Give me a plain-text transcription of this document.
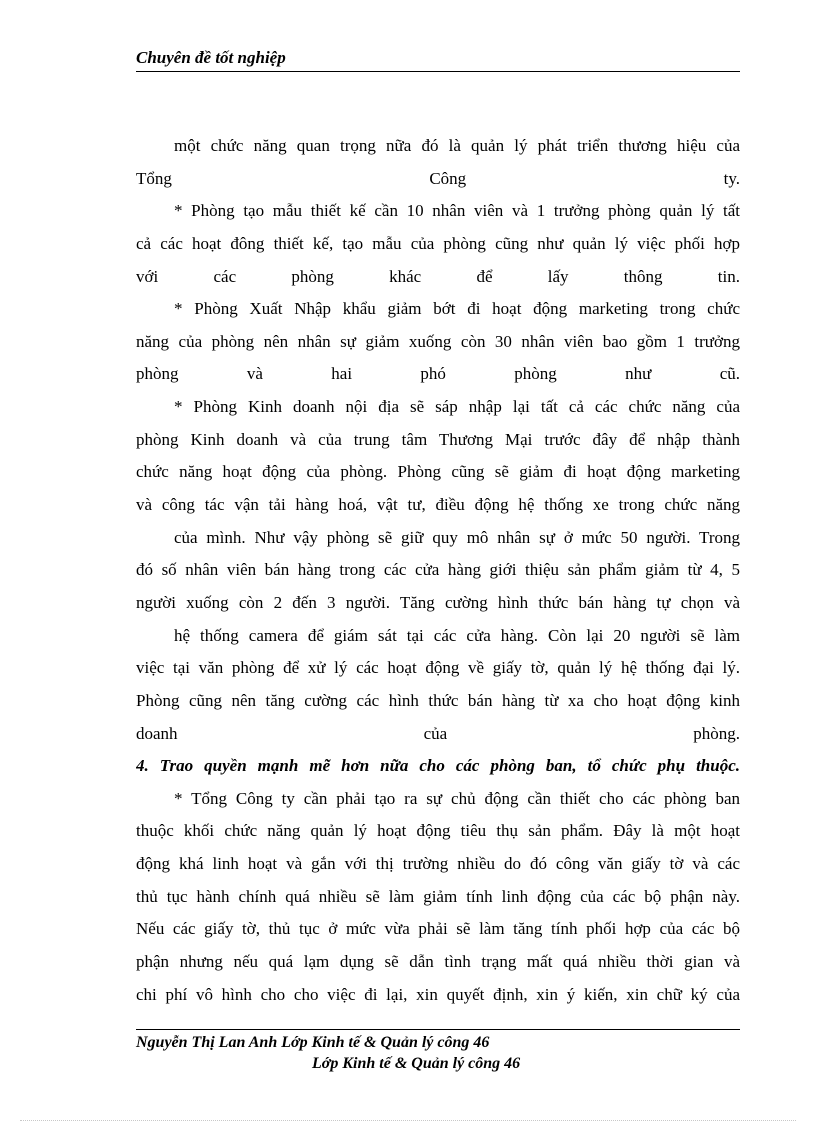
Chuyên đề tốt nghiệp
một chức năng quan trọng nữa đó là quản lý phát triển thương hiệu của
Tổng Công ty.
* Phòng tạo mẫu thiết kế cần 10 nhân viên và 1 trưởng phòng quản lý tất
cả các hoạt đông thiết kế, tạo mẫu của phòng cũng như quản lý việc phối hợp
với các phòng khác để lấy thông tin.
* Phòng Xuất Nhập khẩu giảm bớt đi hoạt động marketing trong chức
năng của phòng nên nhân sự giảm xuống còn 30 nhân viên bao gồm 1 trưởng
phòng và hai phó phòng như cũ.
* Phòng Kinh doanh nội địa sẽ sáp nhập lại tất cả các chức năng của
phòng Kinh doanh và của trung tâm Thương Mại trước đây để nhập thành
chức năng hoạt động của phòng. Phòng cũng sẽ giảm đi hoạt động marketing
và công tác vận tải hàng hoá, vật tư, điều động hệ thống xe trong chức năng
của mình. Như vậy phòng sẽ giữ quy mô nhân sự ở mức 50 người. Trong
đó số nhân viên bán hàng trong các cửa hàng giới thiệu sản phẩm giảm từ 4, 5
người xuống còn 2 đến 3 người. Tăng cường hình thức bán hàng tự chọn và
hệ thống camera để giám sát tại các cửa hàng. Còn lại 20 người sẽ làm
việc tại văn phòng để xử lý các hoạt động về giấy tờ, quản lý hệ thống đại lý.
Phòng cũng nên tăng cường các hình thức bán hàng từ xa cho hoạt động kinh
doanh của phòng.
4. Trao quyền mạnh mẽ hơn nữa cho các phòng ban, tổ chức phụ thuộc.
* Tổng Công ty cần phải tạo ra sự chủ động cần thiết cho các phòng ban
thuộc khối chức năng quản lý hoạt động tiêu thụ sản phẩm. Đây là một hoạt
động khá linh hoạt và gắn với thị trường nhiều do đó công văn giấy tờ và các
thủ tục hành chính quá nhiều sẽ làm giảm tính linh động của các bộ phận này.
Nếu các giấy tờ, thủ tục ở mức vừa phải sẽ làm tăng tính phối hợp của các bộ
phận nhưng nếu quá lạm dụng sẽ dẫn tình trạng mất quá nhiều thời gian và
chi phí vô hình cho cho việc đi lại, xin quyết định, xin ý kiến, xin chữ ký của
Nguyễn Thị Lan Anh Lớp Kinh tế & Quản lý công 46
Lớp Kinh tế & Quản lý công 46
